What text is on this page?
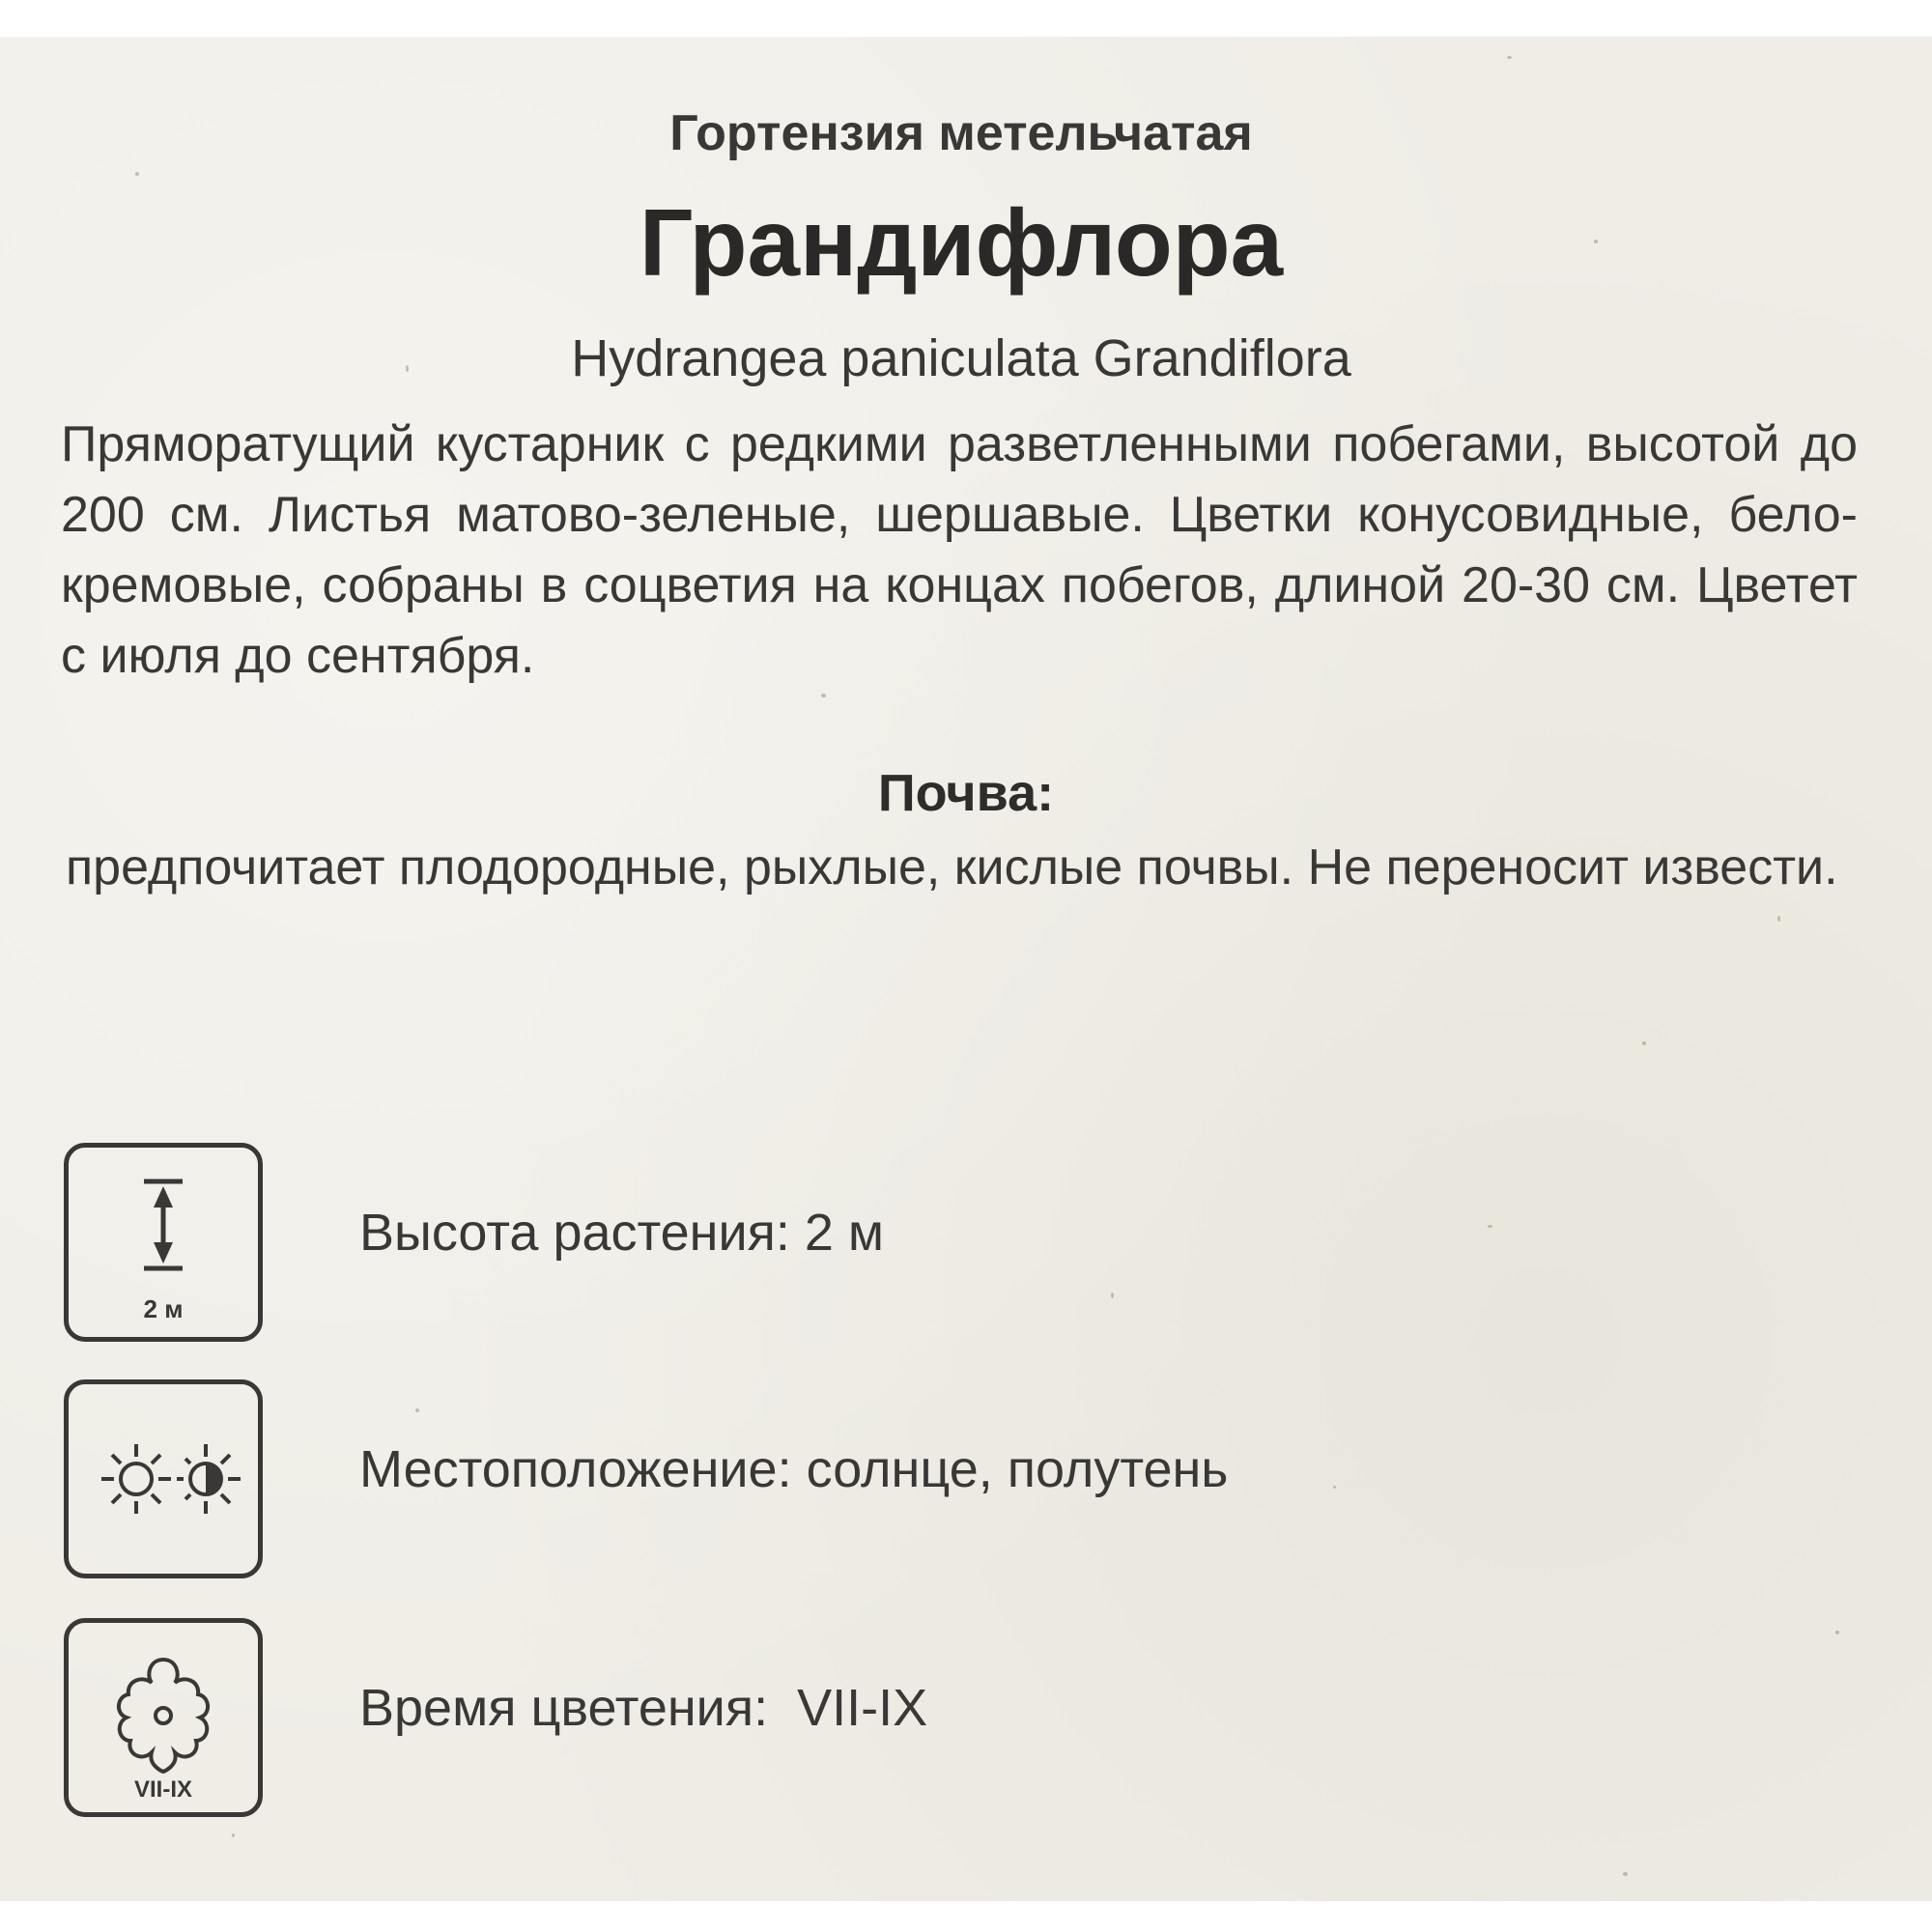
Гортензия метельчатая
Грандифлора
Hydrangea paniculata Grandiflora
Пряморатущий кустарник с редкими разветленными побегами, высотой до 200 см. Листья матово-зеленые, шершавые. Цветки конусовидные, бело-кремовые, собраны в соцветия на концах побегов, длиной 20-30 см. Цветет с июля до сентября.
Почва:
предпочитает плодородные, рыхлые, кислые почвы. Не переносит извести.
2 м
Высота растения: 2 м
Местоположение: солнце, полутень
VII-IX
Время цветения:  VII-IX
